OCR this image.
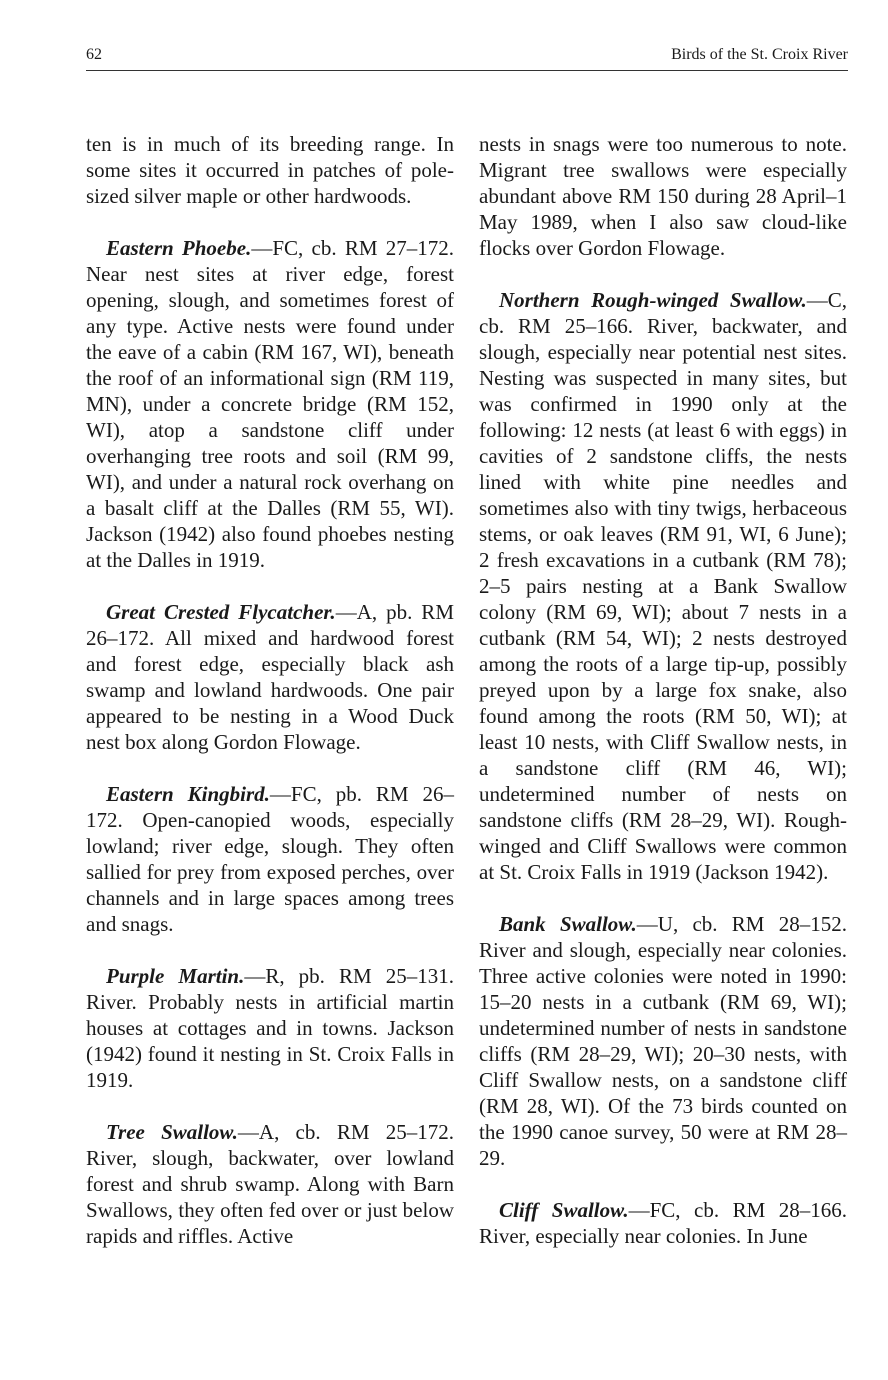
62	Birds of the St. Croix River

ten is in much of its breeding range. In some sites it occurred in patches of pole-sized silver maple or other hardwoods.

Eastern Phoebe.—FC, cb. RM 27–172. Near nest sites at river edge, forest opening, slough, and sometimes forest of any type. Active nests were found under the eave of a cabin (RM 167, WI), beneath the roof of an informational sign (RM 119, MN), under a concrete bridge (RM 152, WI), atop a sandstone cliff under overhanging tree roots and soil (RM 99, WI), and under a natural rock overhang on a basalt cliff at the Dalles (RM 55, WI). Jackson (1942) also found phoebes nesting at the Dalles in 1919.

Great Crested Flycatcher.—A, pb. RM 26–172. All mixed and hardwood forest and forest edge, especially black ash swamp and lowland hardwoods. One pair appeared to be nesting in a Wood Duck nest box along Gordon Flowage.

Eastern Kingbird.—FC, pb. RM 26–172. Open-canopied woods, especially lowland; river edge, slough. They often sallied for prey from exposed perches, over channels and in large spaces among trees and snags.

Purple Martin.—R, pb. RM 25–131. River. Probably nests in artificial martin houses at cottages and in towns. Jackson (1942) found it nesting in St. Croix Falls in 1919.

Tree Swallow.—A, cb. RM 25–172. River, slough, backwater, over lowland forest and shrub swamp. Along with Barn Swallows, they often fed over or just below rapids and riffles. Active

nests in snags were too numerous to note. Migrant tree swallows were especially abundant above RM 150 during 28 April–1 May 1989, when I also saw cloud-like flocks over Gordon Flowage.

Northern Rough-winged Swallow.—C, cb. RM 25–166. River, backwater, and slough, especially near potential nest sites. Nesting was suspected in many sites, but was confirmed in 1990 only at the following: 12 nests (at least 6 with eggs) in cavities of 2 sandstone cliffs, the nests lined with white pine needles and sometimes also with tiny twigs, herbaceous stems, or oak leaves (RM 91, WI, 6 June); 2 fresh excavations in a cutbank (RM 78); 2–5 pairs nesting at a Bank Swallow colony (RM 69, WI); about 7 nests in a cutbank (RM 54, WI); 2 nests destroyed among the roots of a large tip-up, possibly preyed upon by a large fox snake, also found among the roots (RM 50, WI); at least 10 nests, with Cliff Swallow nests, in a sandstone cliff (RM 46, WI); undetermined number of nests on sandstone cliffs (RM 28–29, WI). Rough-winged and Cliff Swallows were common at St. Croix Falls in 1919 (Jackson 1942).

Bank Swallow.—U, cb. RM 28–152. River and slough, especially near colonies. Three active colonies were noted in 1990: 15–20 nests in a cutbank (RM 69, WI); undetermined number of nests in sandstone cliffs (RM 28–29, WI); 20–30 nests, with Cliff Swallow nests, on a sandstone cliff (RM 28, WI). Of the 73 birds counted on the 1990 canoe survey, 50 were at RM 28–29.

Cliff Swallow.—FC, cb. RM 28–166. River, especially near colonies. In June
